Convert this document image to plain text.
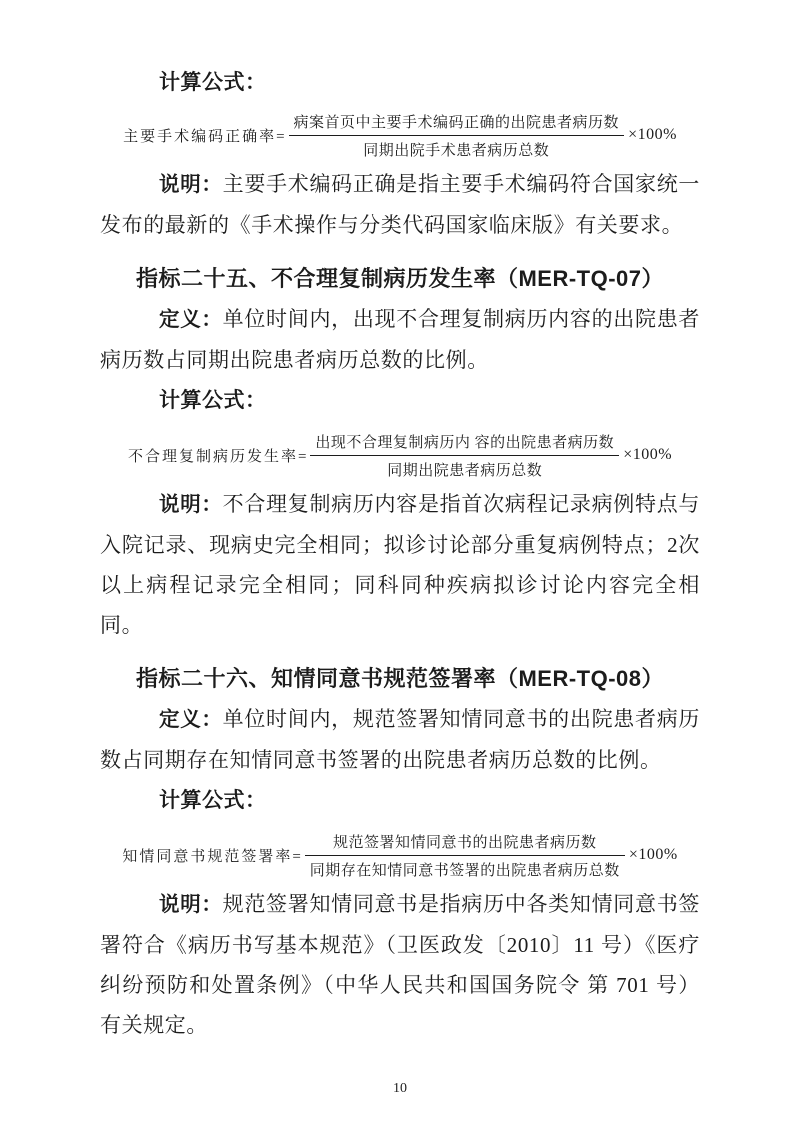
计算公式：

主要手术编码正确率= $\frac{\text{病案首页中主要手术编码正确的出院患者病历数}}{\text{同期出院手术患者病历总数}} \times 100\%$

说明：主要手术编码正确是指主要手术编码符合国家统一发布的最新的《手术操作与分类代码国家临床版》有关要求。

指标二十五、不合理复制病历发生率（MER-TQ-07）

定义：单位时间内，出现不合理复制病历内容的出院患者病历数占同期出院患者病历总数的比例。

计算公式：

不合理复制病历发生率= $\frac{\text{出现不合理复制病历内 容的出院患者病历数}}{\text{同期出院患者病历总数}} \times 100\%$

说明：不合理复制病历内容是指首次病程记录病例特点与入院记录、现病史完全相同；拟诊讨论部分重复病例特点；2次以上病程记录完全相同；同科同种疾病拟诊讨论内容完全相同。

指标二十六、知情同意书规范签署率（MER-TQ-08）

定义：单位时间内，规范签署知情同意书的出院患者病历数占同期存在知情同意书签署的出院患者病历总数的比例。

计算公式：

知情同意书规范签署率= $\frac{\text{规范签署知情同意书的出院患者病历数}}{\text{同期存在知情同意书签署的出院患者病历总数}} \times 100\%$

说明：规范签署知情同意书是指病历中各类知情同意书签署符合《病历书写基本规范》（卫医政发〔2010〕11 号）《医疗纠纷预防和处置条例》（中华人民共和国国务院令 第 701 号）有关规定。

10
